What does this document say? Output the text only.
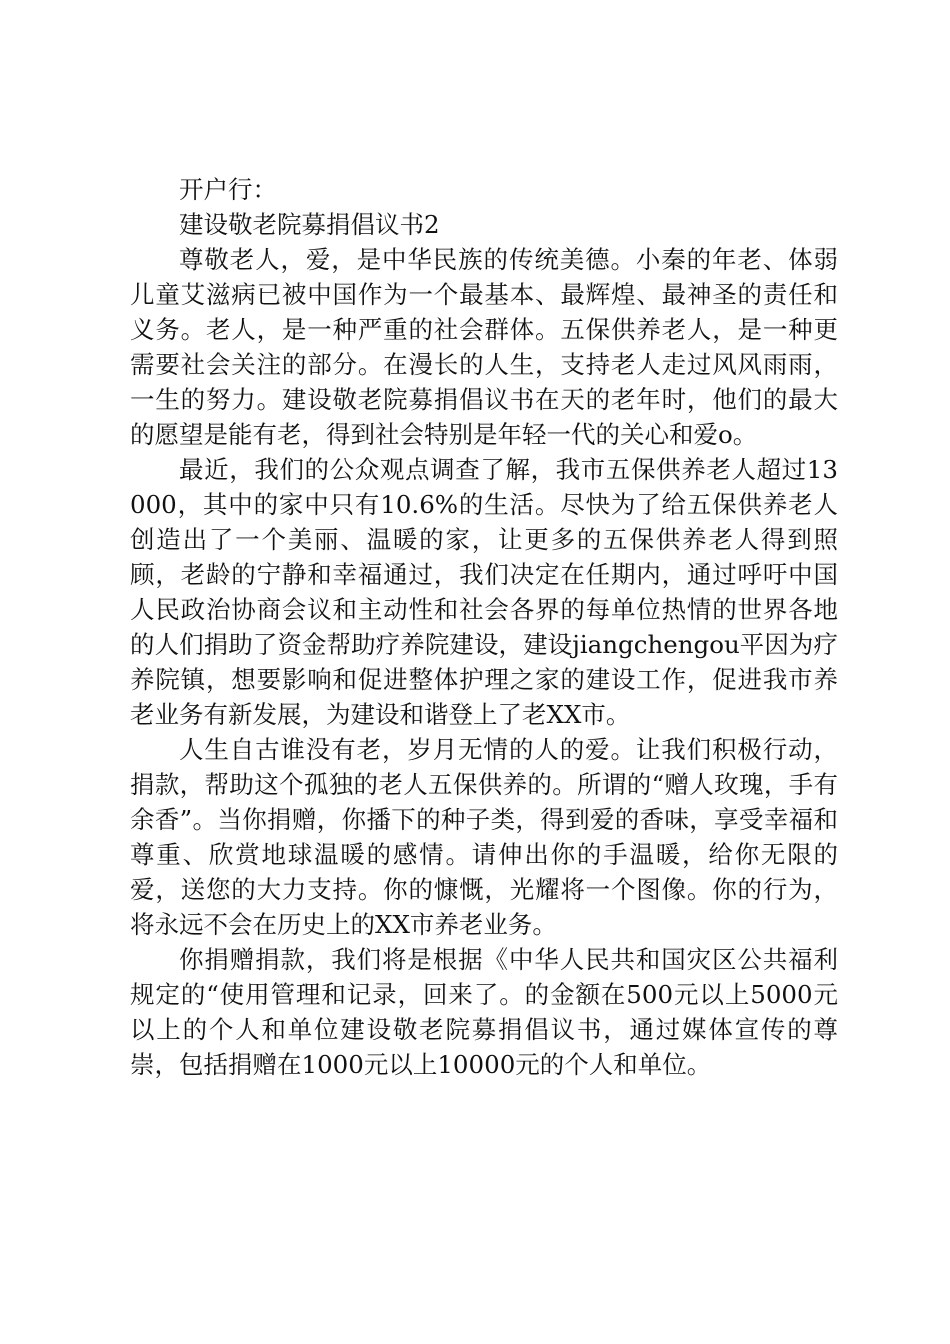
开户行：

建设敬老院募捐倡议书2

尊敬老人，爱，是中华民族的传统美德。小秦的年老、体弱儿童艾滋病已被中国作为一个最基本、最辉煌、最神圣的责任和义务。老人，是一种严重的社会群体。五保供养老人，是一种更需要社会关注的部分。在漫长的人生，支持老人走过风风雨雨，一生的努力。建设敬老院募捐倡议书在天的老年时，他们的最大的愿望是能有老，得到社会特别是年轻一代的关心和爱o。

最近，我们的公众观点调查了解，我市五保供养老人超过13000，其中的家中只有10.6%的生活。尽快为了给五保供养老人创造出了一个美丽、温暖的家，让更多的五保供养老人得到照顾，老龄的宁静和幸福通过，我们决定在任期内，通过呼吁中国人民政治协商会议和主动性和社会各界的每单位热情的世界各地的人们捐助了资金帮助疗养院建设，建设jiangchengou平因为疗养院镇，想要影响和促进整体护理之家的建设工作，促进我市养老业务有新发展，为建设和谐登上了老XX市。

人生自古谁没有老，岁月无情的人的爱。让我们积极行动，捐款，帮助这个孤独的老人五保供养的。所谓的“赠人玫瑰，手有余香”。当你捐赠，你播下的种子类，得到爱的香味，享受幸福和尊重、欣赏地球温暖的感情。请伸出你的手温暖，给你无限的爱，送您的大力支持。你的慷慨，光耀将一个图像。你的行为，将永远不会在历史上的XX市养老业务。

你捐赠捐款，我们将是根据《中华人民共和国灾区公共福利规定的“使用管理和记录，回来了。的金额在500元以上5000元以上的个人和单位建设敬老院募捐倡议书，通过媒体宣传的尊崇，包括捐赠在1000元以上10000元的个人和单位。
